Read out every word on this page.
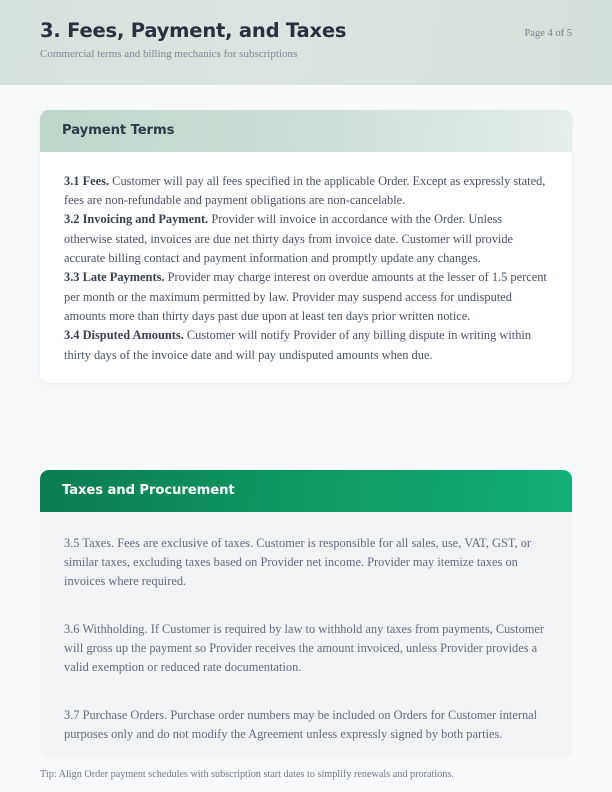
3. Fees, Payment, and Taxes
Commercial terms and billing mechanics for subscriptions
Page 4 of 5
Payment Terms

3.1 Fees. Customer will pay all fees specified in the applicable Order. Except as expressly stated, fees are non-refundable and payment obligations are non-cancelable.

3.2 Invoicing and Payment. Provider will invoice in accordance with the Order. Unless otherwise stated, invoices are due net thirty days from invoice date. Customer will provide accurate billing contact and payment information and promptly update any changes.

3.3 Late Payments. Provider may charge interest on overdue amounts at the lesser of 1.5 percent per month or the maximum permitted by law. Provider may suspend access for undisputed amounts more than thirty days past due upon at least ten days prior written notice.

3.4 Disputed Amounts. Customer will notify Provider of any billing dispute in writing within thirty days of the invoice date and will pay undisputed amounts when due.

Taxes and Procurement

3.5 Taxes. Fees are exclusive of taxes. Customer is responsible for all sales, use, VAT, GST, or similar taxes, excluding taxes based on Provider net income. Provider may itemize taxes on invoices where required.

3.6 Withholding. If Customer is required by law to withhold any taxes from payments, Customer will gross up the payment so Provider receives the amount invoiced, unless Provider provides a valid exemption or reduced rate documentation.

3.7 Purchase Orders. Purchase order numbers may be included on Orders for Customer internal purposes only and do not modify the Agreement unless expressly signed by both parties.

Tip: Align Order payment schedules with subscription start dates to simplify renewals and prorations.
